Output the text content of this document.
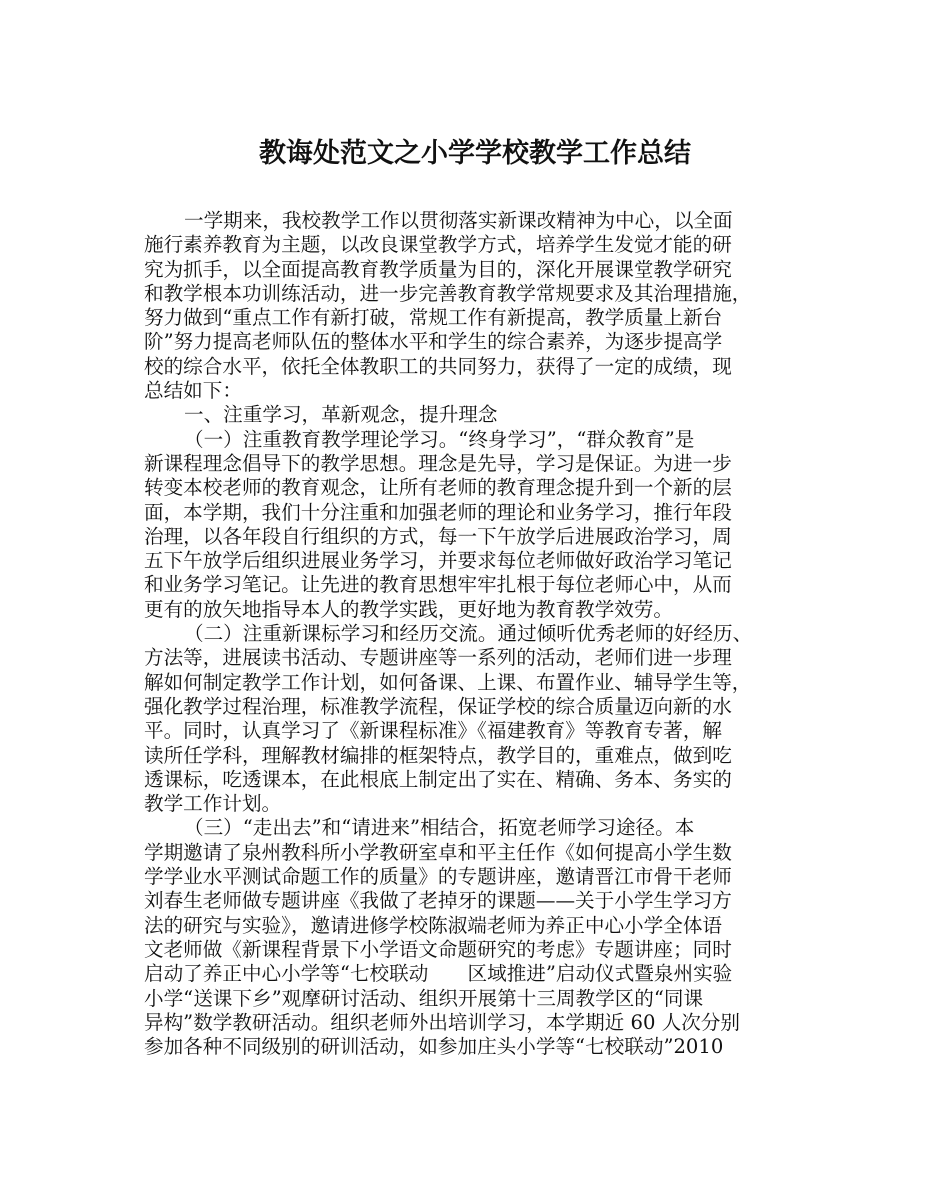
教诲处范文之小学学校教学工作总结
一学期来，我校教学工作以贯彻落实新课改精神为中心，以全面
施行素养教育为主题，以改良课堂教学方式，培养学生发觉才能的研
究为抓手，以全面提高教育教学质量为目的，深化开展课堂教学研究
和教学根本功训练活动，进一步完善教育教学常规要求及其治理措施，
努力做到“重点工作有新打破，常规工作有新提高，教学质量上新台
阶”努力提高老师队伍的整体水平和学生的综合素养，为逐步提高学
校的综合水平，依托全体教职工的共同努力，获得了一定的成绩，现
总结如下：
一、注重学习，革新观念，提升理念
（一）注重教育教学理论学习。“终身学习”，“群众教育”是
新课程理念倡导下的教学思想。理念是先导，学习是保证。为进一步
转变本校老师的教育观念，让所有老师的教育理念提升到一个新的层
面，本学期，我们十分注重和加强老师的理论和业务学习，推行年段
治理，以各年段自行组织的方式，每一下午放学后进展政治学习，周
五下午放学后组织进展业务学习，并要求每位老师做好政治学习笔记
和业务学习笔记。让先进的教育思想牢牢扎根于每位老师心中，从而
更有的放矢地指导本人的教学实践，更好地为教育教学效劳。
（二）注重新课标学习和经历交流。通过倾听优秀老师的好经历、
方法等，进展读书活动、专题讲座等一系列的活动，老师们进一步理
解如何制定教学工作计划，如何备课、上课、布置作业、辅导学生等，
强化教学过程治理，标准教学流程，保证学校的综合质量迈向新的水
平。同时，认真学习了《新课程标准》《福建教育》等教育专著，解
读所任学科，理解教材编排的框架特点，教学目的，重难点，做到吃
透课标，吃透课本，在此根底上制定出了实在、精确、务本、务实的
教学工作计划。
（三）“走出去”和“请进来”相结合，拓宽老师学习途径。本
学期邀请了泉州教科所小学教研室卓和平主任作《如何提高小学生数
学学业水平测试命题工作的质量》的专题讲座，邀请晋江市骨干老师
刘春生老师做专题讲座《我做了老掉牙的课题——关于小学生学习方
法的研究与实验》，邀请进修学校陈淑端老师为养正中心小学全体语
文老师做《新课程背景下小学语文命题研究的考虑》专题讲座；同时
启动了养正中心小学等“七校联动　　区域推进”启动仪式暨泉州实验
小学“送课下乡”观摩研讨活动、组织开展第十三周教学区的“同课
异构”数学教研活动。组织老师外出培训学习，本学期近 60 人次分别
参加各种不同级别的研训活动，如参加庄头小学等“七校联动”2010
